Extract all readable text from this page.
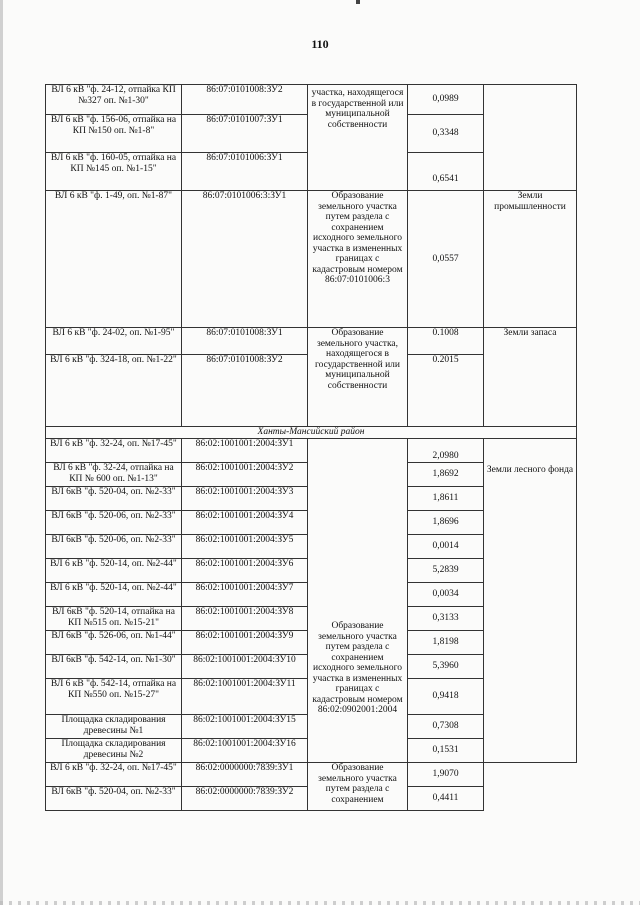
110
ВЛ 6 кВ "ф. 24-12, отпайка КП №327 оп. №1-30"	86:07:0101008:ЗУ2	участка, находящегося в государственной или муниципальной собственности	0,0989	
ВЛ 6 кВ "ф. 156-06, отпайка на КП №150 оп. №1-8"	86:07:0101007:ЗУ1		0,3348	
ВЛ 6 кВ "ф. 160-05, отпайка на КП №145 оп. №1-15"	86:07:0101006:ЗУ1		0,6541	
ВЛ 6 кВ "ф. 1-49, оп. №1-87"	86:07:0101006:3:ЗУ1	Образование земельного участка путем раздела с сохранением исходного земельного участка в измененных границах с кадастровым номером 86:07:0101006:3	0,0557	Земли промышленности
ВЛ 6 кВ "ф. 24-02, оп. №1-95"	86:07:0101008:ЗУ1	Образование земельного участка, находящегося в государственной или муниципальной собственности	0.1008	Земли запаса
ВЛ 6 кВ "ф. 324-18, оп. №1-22"	86:07:0101008:ЗУ2		0.2015	
Ханты-Мансийский район				
ВЛ 6 кВ "ф. 32-24, оп. №17-45"	86:02:1001001:2004:ЗУ1	Образование земельного участка путем раздела с сохранением исходного земельного участка в измененных границах с кадастровым номером 86:02:0902001:2004	2,0980	Земли лесного фонда
ВЛ 6 кВ "ф. 32-24, отпайка на КП № 600 оп. №1-13"	86:02:1001001:2004:ЗУ2		1,8692	
ВЛ 6кВ "ф. 520-04, оп. №2-33"	86:02:1001001:2004:ЗУ3		1,8611	
ВЛ 6кВ "ф. 520-06, оп. №2-33"	86:02:1001001:2004:ЗУ4		1,8696	
ВЛ 6кВ "ф. 520-06, оп. №2-33"	86:02:1001001:2004:ЗУ5		0,0014	
ВЛ 6 кВ "ф. 520-14, оп. №2-44"	86:02:1001001:2004:ЗУ6		5,2839	
ВЛ 6 кВ "ф. 520-14, оп. №2-44"	86:02:1001001:2004:ЗУ7		0,0034	
ВЛ 6кВ "ф. 520-14, отпайка на КП №515 оп. №15-21"	86:02:1001001:2004:ЗУ8		0,3133	
ВЛ 6кВ "ф. 526-06, оп. №1-44"	86:02:1001001:2004:ЗУ9		1,8198	
ВЛ 6кВ "ф. 542-14, оп. №1-30"	86:02:1001001:2004:ЗУ10		5,3960	
ВЛ 6 кВ "ф. 542-14, отпайка на КП №550 оп. №15-27"	86:02:1001001:2004:ЗУ11		0,9418	
Площадка складирования древесины №1	86:02:1001001:2004:ЗУ15		0,7308	
Площадка складирования древесины №2	86:02:1001001:2004:ЗУ16		0,1531	
ВЛ 6 кВ "ф. 32-24, оп. №17-45"	86:02:0000000:7839:ЗУ1	Образование земельного участка путем раздела с сохранением	1,9070	
ВЛ 6кВ "ф. 520-04, оп. №2-33"	86:02:0000000:7839:ЗУ2		0,4411	
